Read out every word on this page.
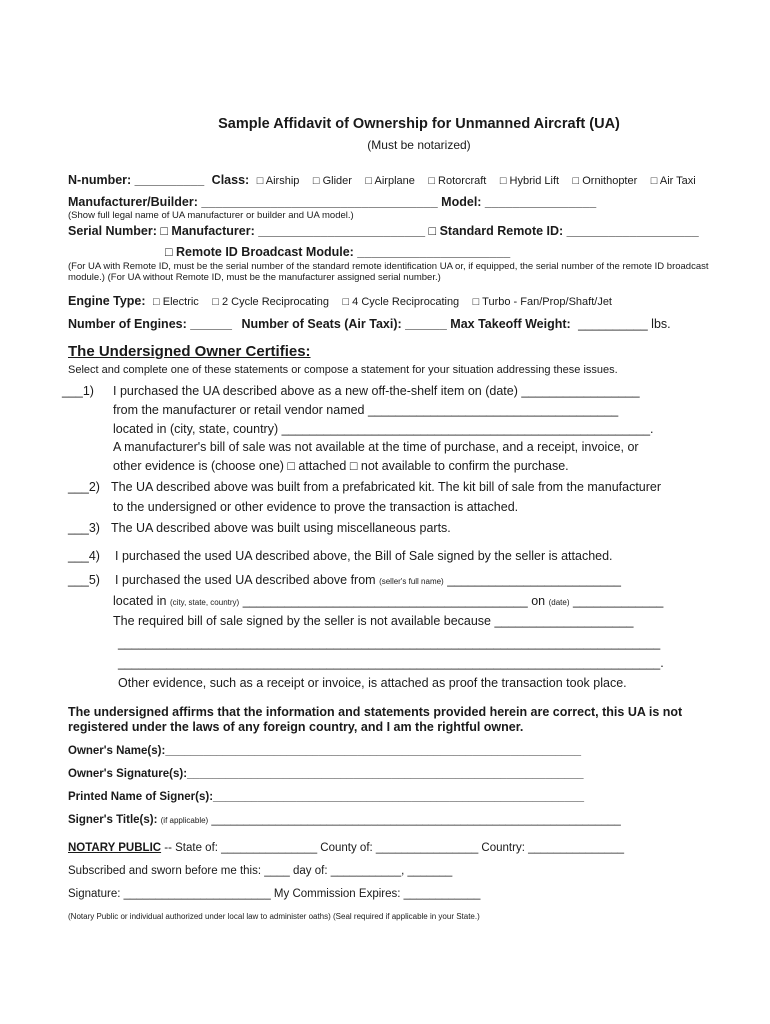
Sample Affidavit of Ownership for Unmanned Aircraft (UA)
(Must be notarized)
N-number: __________ Class: □ Airship □ Glider □ Airplane □ Rotorcraft □ Hybrid Lift □ Ornithopter □ Air Taxi
Manufacturer/Builder: __________________________________ Model: ________________
(Show full legal name of UA manufacturer or builder and UA model.)
Serial Number: □ Manufacturer: ________________________ □ Standard Remote ID: ___________________
□ Remote ID Broadcast Module: ______________________
(For UA with Remote ID, must be the serial number of the standard remote identification UA or, if equipped, the serial number of the remote ID broadcast
module.) (For UA without Remote ID, must be the manufacturer assigned serial number.)
Engine Type: □ Electric □ 2 Cycle Reciprocating □ 4 Cycle Reciprocating □ Turbo - Fan/Prop/Shaft/Jet
Number of Engines: ______ Number of Seats (Air Taxi): ______ Max Takeoff Weight: __________ lbs.
The Undersigned Owner Certifies:
Select and complete one of these statements or compose a statement for your situation addressing these issues.
___1) I purchased the UA described above as a new off-the-shelf item on (date) _________________
from the manufacturer or retail vendor named ____________________________________
located in (city, state, country) _____________________________________________________.
A manufacturer's bill of sale was not available at the time of purchase, and a receipt, invoice, or
other evidence is (choose one) □ attached □ not available to confirm the purchase.
___2) The UA described above was built from a prefabricated kit. The kit bill of sale from the manufacturer
to the undersigned or other evidence to prove the transaction is attached.
___3) The UA described above was built using miscellaneous parts.
___4) I purchased the used UA described above, the Bill of Sale signed by the seller is attached.
___5) I purchased the used UA described above from (seller's full name) _________________________
located in (city, state, country) _________________________________________ on (date) _____________
The required bill of sale signed by the seller is not available because ____________________
______________________________________________________________________________
______________________________________________________________________________.
Other evidence, such as a receipt or invoice, is attached as proof the transaction took place.
The undersigned affirms that the information and statements provided herein are correct, this UA is not
registered under the laws of any foreign country, and I am the rightful owner.
Owner's Name(s):_________________________________________________________________
Owner's Signature(s):______________________________________________________________
Printed Name of Signer(s):__________________________________________________________
Signer's Title(s): (if applicable) ________________________________________________________________
NOTARY PUBLIC -- State of: _______________ County of: ________________ Country: _______________
Subscribed and sworn before me this: ____ day of: ___________, _______
Signature: _______________________ My Commission Expires: ____________
(Notary Public or individual authorized under local law to administer oaths) (Seal required if applicable in your State.)
